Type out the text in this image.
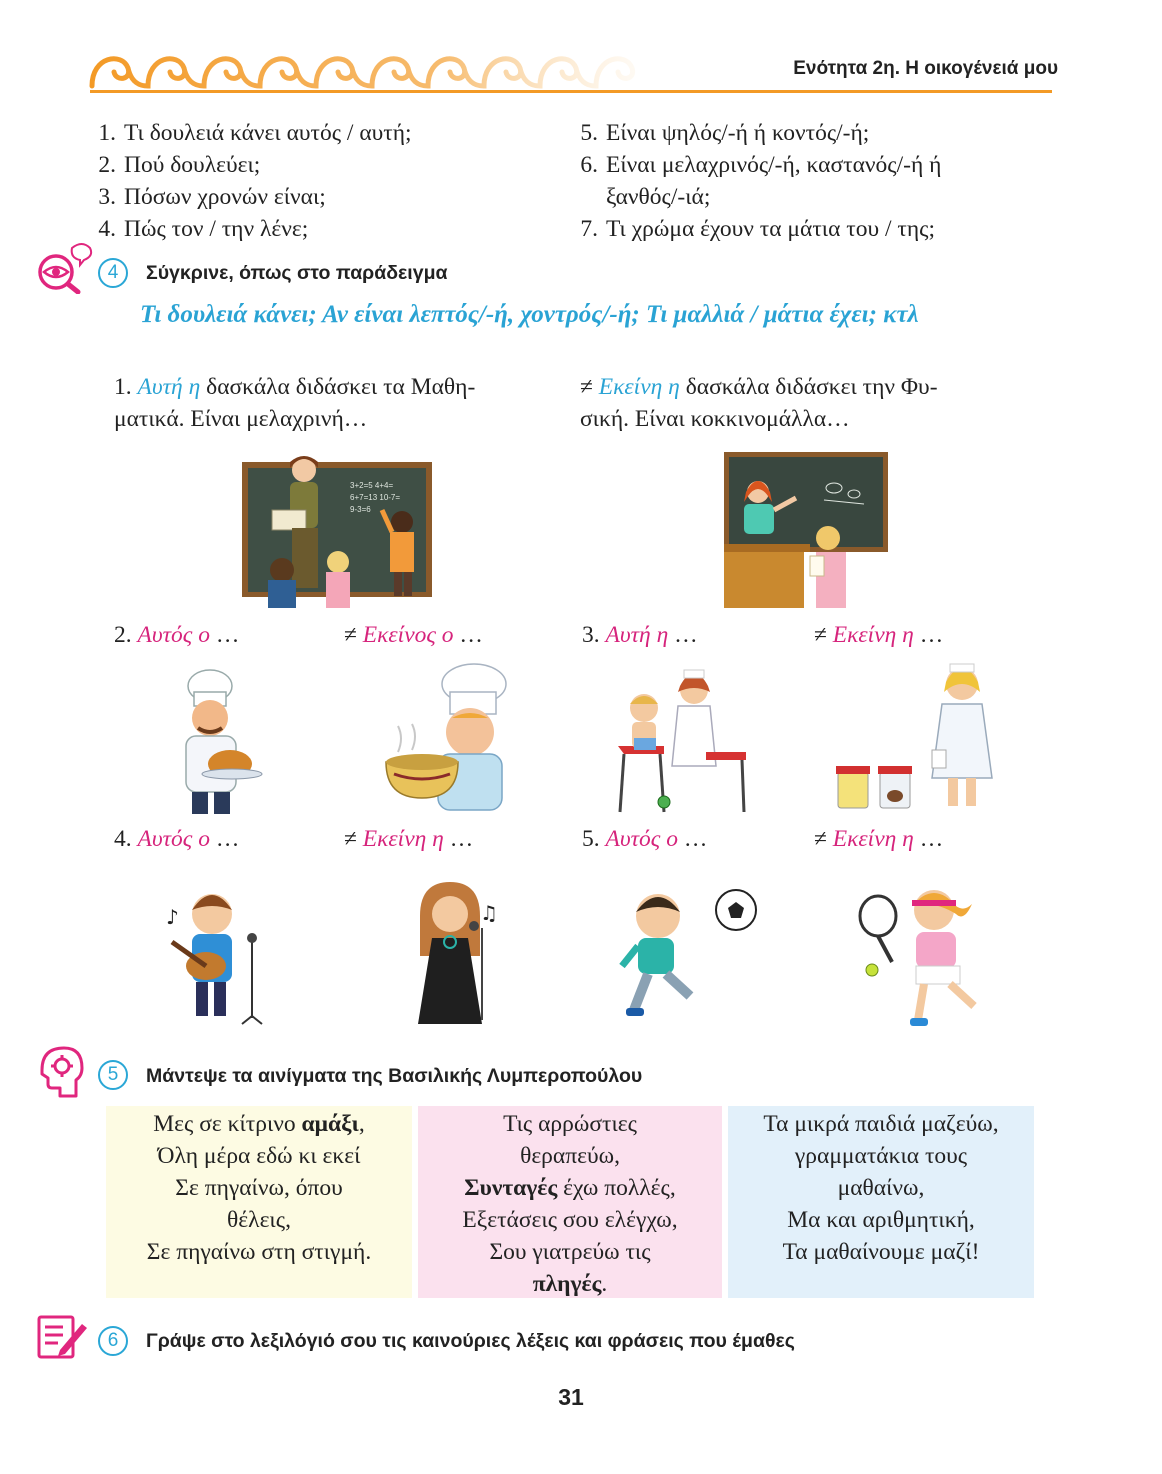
Ενότητα 2η. Η οικογένειά μου
1. Τι δουλειά κάνει αυτός / αυτή;
2. Πού δουλεύει;
3. Πόσων χρονών είναι;
4. Πώς τον / την λένε;
5. Είναι ψηλός/-ή ή κοντός/-ή;
6. Είναι μελαχρινός/-ή, καστανός/-ή ή
ξανθός/-ιά;
7. Τι χρώμα έχουν τα μάτια του / της;
4	Σύγκρινε, όπως στο παράδειγμα
Τι δουλειά κάνει; Αν είναι λεπτός/-ή, χοντρός/-ή; Τι μαλλιά / μάτια έχει; κτλ
1. Αυτή η δασκάλα διδάσκει τα Μαθη-
ματικά. Είναι μελαχρινή…
≠ Εκείνη η δασκάλα διδάσκει την Φυ-
σική. Είναι κοκκινομάλλα…
3+2=5 4+4=
6+7=13 10-7=
9-3=6
2. Αυτός ο …	≠ Εκείνος ο …	3. Αυτή η …	≠ Εκείνη η …
4. Αυτός ο …	≠ Εκείνη η …	5. Αυτός ο …	≠ Εκείνη η …
♪	♫
5	Μάντεψε τα αινίγματα της Βασιλικής Λυμπεροπούλου
Μες σε κίτρινο αμάξι,
Όλη μέρα εδώ κι εκεί
Σε πηγαίνω, όπου
θέλεις,
Σε πηγαίνω στη στιγμή.
Τις αρρώστιες
θεραπεύω,
Συνταγές έχω πολλές,
Εξετάσεις σου ελέγχω,
Σου γιατρεύω τις
πληγές.
Τα μικρά παιδιά μαζεύω,
γραμματάκια τους
μαθαίνω,
Μα και αριθμητική,
Τα μαθαίνουμε μαζί!
6	Γράψε στο λεξιλόγιό σου τις καινούριες λέξεις και φράσεις που έμαθες
31
